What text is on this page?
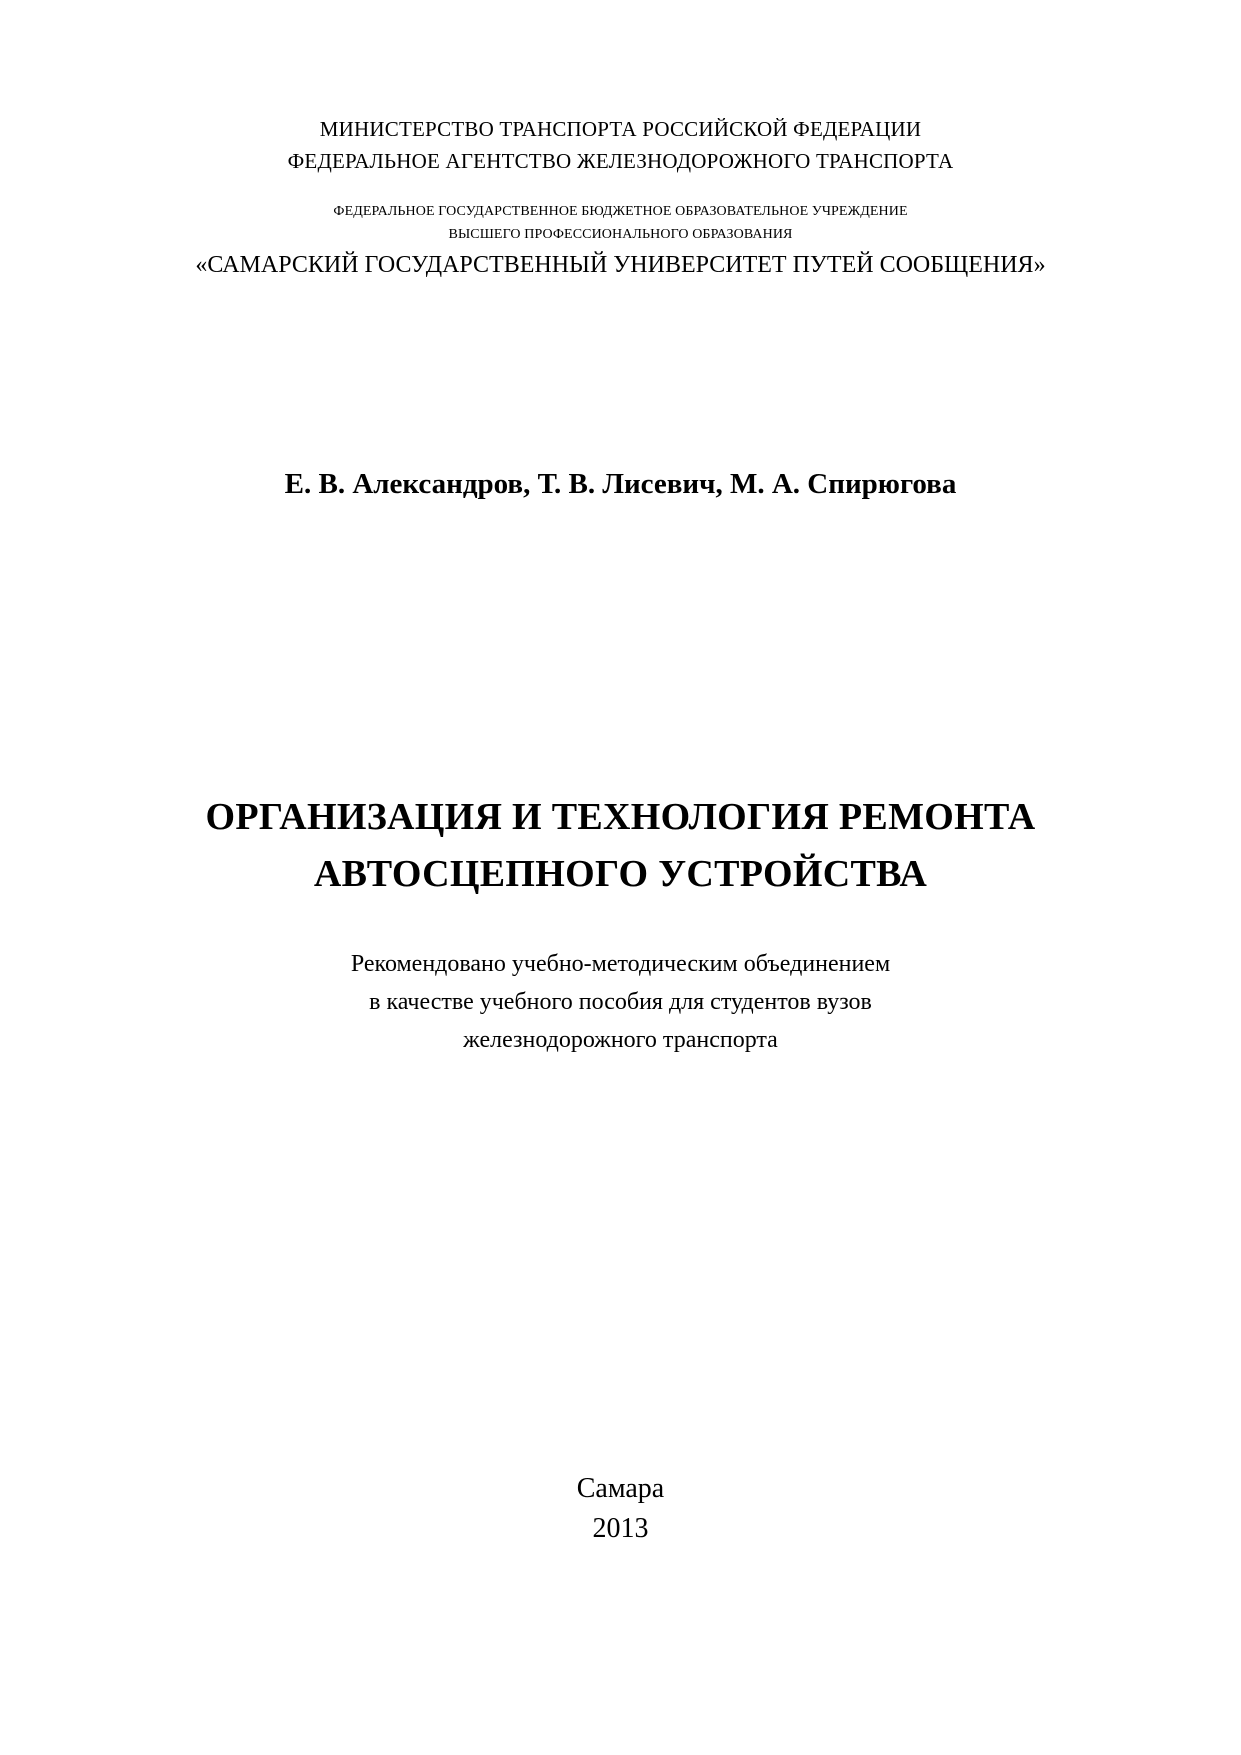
МИНИСТЕРСТВО ТРАНСПОРТА РОССИЙСКОЙ ФЕДЕРАЦИИ
ФЕДЕРАЛЬНОЕ АГЕНТСТВО ЖЕЛЕЗНОДОРОЖНОГО ТРАНСПОРТА
ФЕДЕРАЛЬНОЕ ГОСУДАРСТВЕННОЕ БЮДЖЕТНОЕ ОБРАЗОВАТЕЛЬНОЕ УЧРЕЖДЕНИЕ
ВЫСШЕГО ПРОФЕССИОНАЛЬНОГО ОБРАЗОВАНИЯ
«САМАРСКИЙ ГОСУДАРСТВЕННЫЙ УНИВЕРСИТЕТ ПУТЕЙ СООБЩЕНИЯ»
Е. В. Александров, Т. В. Лисевич, М. А. Спирюгова
ОРГАНИЗАЦИЯ И ТЕХНОЛОГИЯ РЕМОНТА
АВТОСЦЕПНОГО УСТРОЙСТВА
Рекомендовано учебно-методическим объединением
в качестве учебного пособия для студентов вузов
железнодорожного транспорта
Самара
2013
